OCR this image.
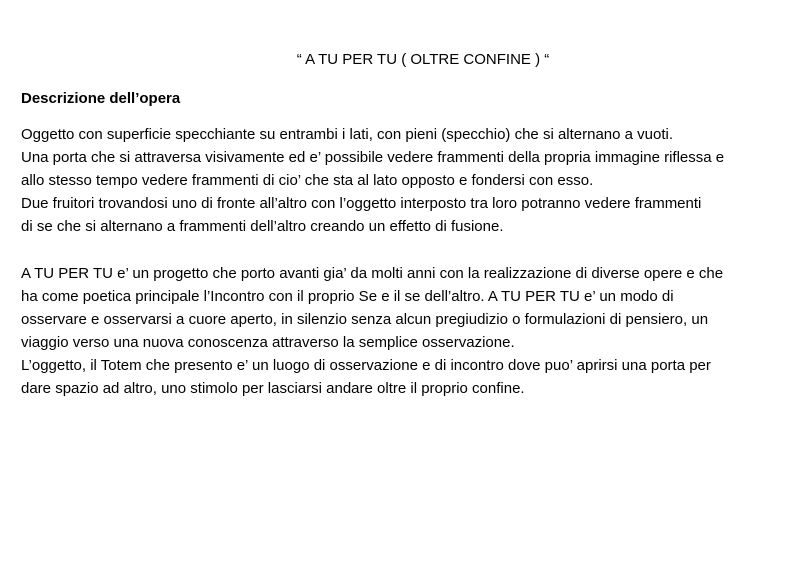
“ A TU PER TU ( OLTRE CONFINE ) “
Descrizione dell’opera
Oggetto con superficie specchiante su entrambi i lati, con pieni (specchio) che si alternano a vuoti.
Una porta che si attraversa visivamente ed e’ possibile vedere frammenti della propria immagine riflessa e
allo stesso tempo vedere frammenti di cio’ che sta al lato opposto e fondersi con esso.
Due fruitori trovandosi uno di fronte all’altro con l’oggetto interposto tra loro potranno vedere frammenti
di se che si alternano a frammenti dell’altro creando un effetto di fusione.
A TU PER TU e’ un progetto che porto avanti gia’ da molti anni con la realizzazione di diverse opere e che
ha come poetica principale l’Incontro con il proprio Se e il se dell’altro. A TU PER TU e’ un modo di
osservare e osservarsi a cuore aperto, in silenzio senza alcun pregiudizio o formulazioni di pensiero, un
viaggio verso una nuova conoscenza attraverso la semplice osservazione.
L’oggetto, il Totem che presento e’ un luogo di osservazione e di incontro dove puo’ aprirsi una porta per
dare spazio ad altro, uno stimolo per lasciarsi andare oltre il proprio confine.
